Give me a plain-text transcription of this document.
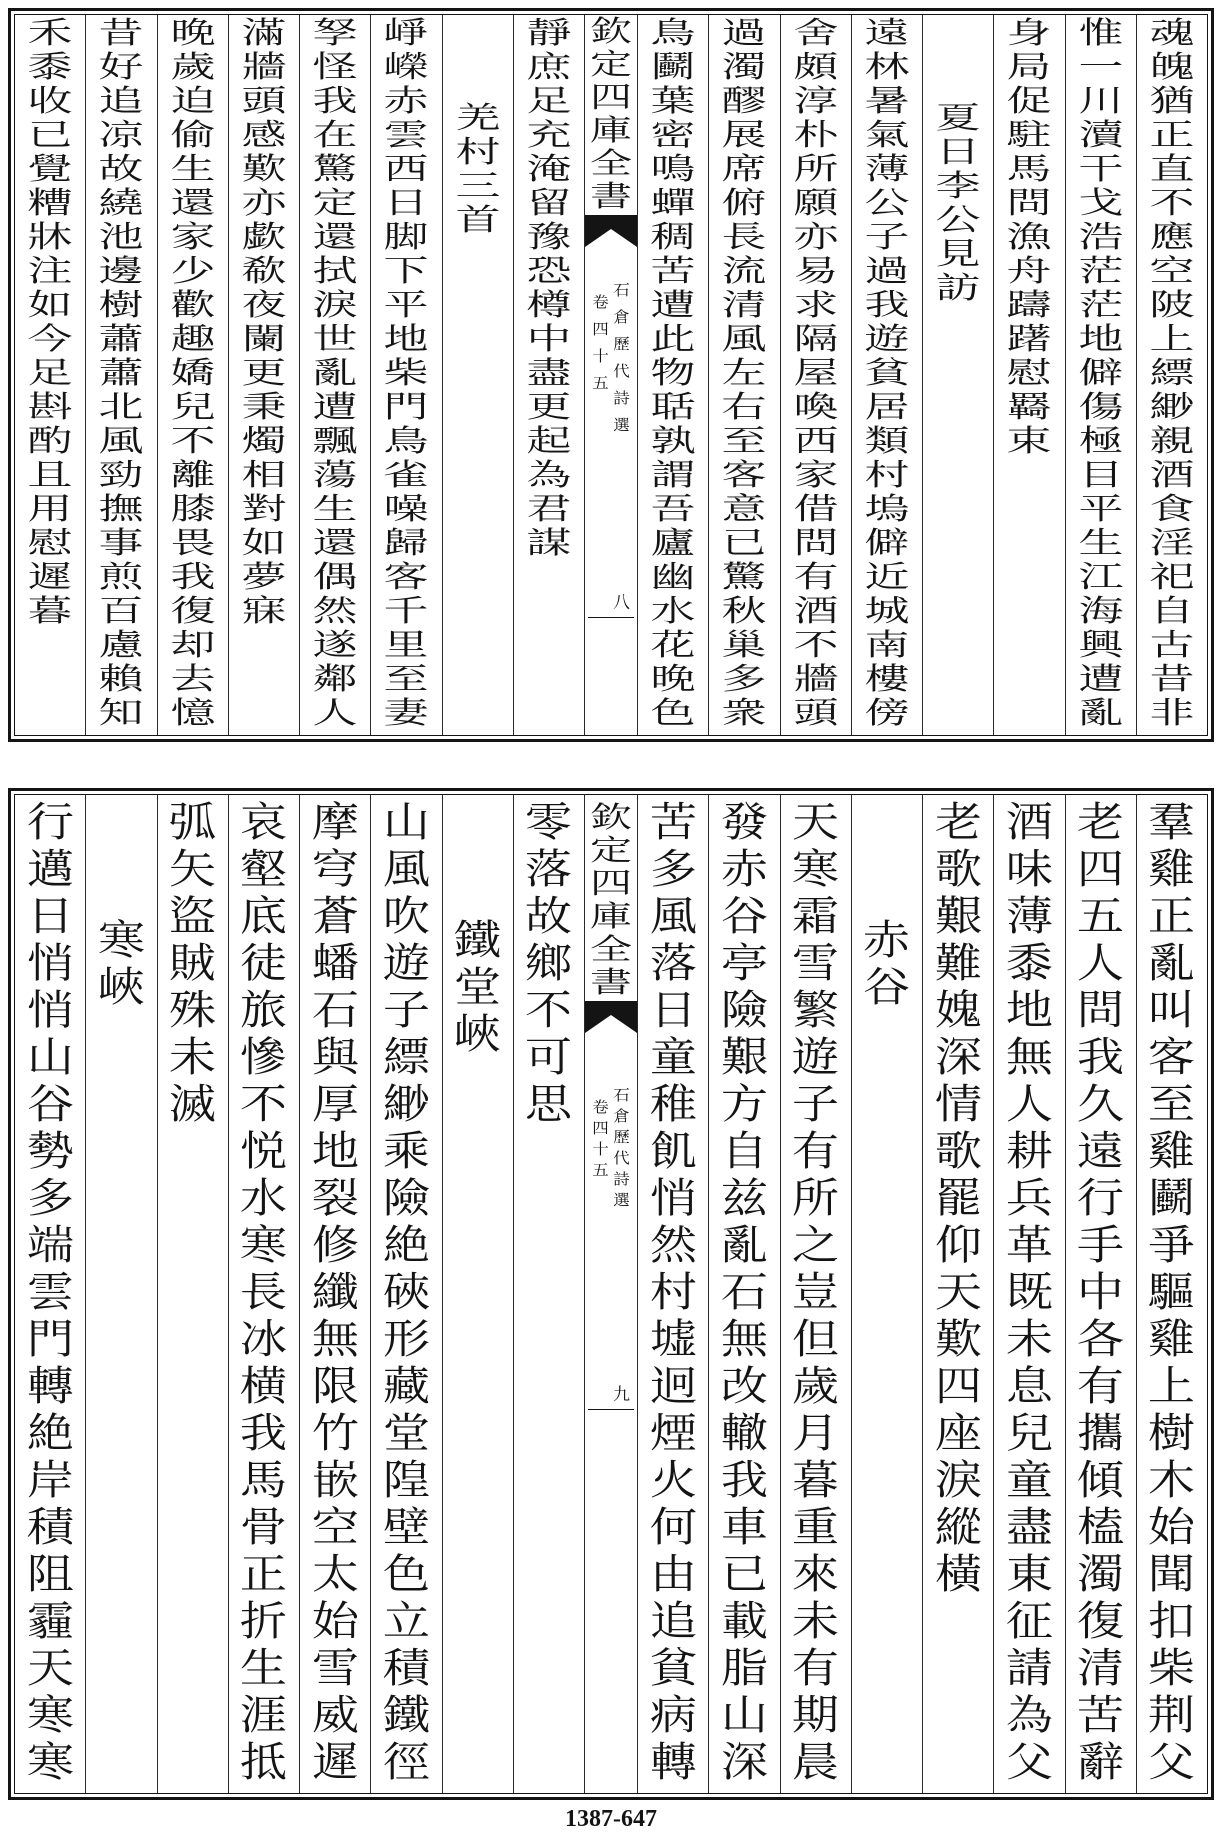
魂
魄
猶
正
直
不
應
空
陂
上
縹
緲
親
酒
食
淫
祀
自
古
昔
非
惟
一
川
瀆
干
戈
浩
茫
茫
地
僻
傷
極
目
平
生
江
海
興
遭
亂
身
局
促
駐
馬
問
漁
舟
躊
躇
慰
羇
束
夏
日
李
公
見
訪
遠
林
暑
氣
薄
公
子
過
我
遊
貧
居
類
村
塢
僻
近
城
南
樓
傍
舍
頗
淳
朴
所
願
亦
易
求
隔
屋
喚
西
家
借
問
有
酒
不
牆
頭
過
濁
醪
展
席
俯
長
流
清
風
左
右
至
客
意
已
驚
秋
巢
多
衆
鳥
鬬
葉
密
鳴
蟬
稠
苦
遭
此
物
聒
孰
謂
吾
廬
幽
水
花
晚
色
欽
定
四
庫
全
書
石
倉
歷
代
詩
選
卷
四
十
五
八
靜
庶
足
充
淹
留
豫
恐
樽
中
盡
更
起
為
君
謀
羌
村
三
首
崢
嶸
赤
雲
西
日
脚
下
平
地
柴
門
鳥
雀
噪
歸
客
千
里
至
妻
孥
怪
我
在
驚
定
還
拭
淚
世
亂
遭
飄
蕩
生
還
偶
然
遂
鄰
人
滿
牆
頭
感
歎
亦
歔
欷
夜
闌
更
秉
燭
相
對
如
夢
寐
晚
歲
迫
偷
生
還
家
少
歡
趣
嬌
兒
不
離
膝
畏
我
復
却
去
憶
昔
好
追
凉
故
繞
池
邊
樹
蕭
蕭
北
風
勁
撫
事
煎
百
慮
賴
知
禾
黍
收
已
覺
糟
牀
注
如
今
足
斟
酌
且
用
慰
遲
暮
羣
雞
正
亂
叫
客
至
雞
鬬
爭
驅
雞
上
樹
木
始
聞
扣
柴
荆
父
老
四
五
人
問
我
久
遠
行
手
中
各
有
攜
傾
榼
濁
復
清
苦
辭
酒
味
薄
黍
地
無
人
耕
兵
革
既
未
息
兒
童
盡
東
征
請
為
父
老
歌
艱
難
媿
深
情
歌
罷
仰
天
歎
四
座
淚
縱
橫
赤
谷
天
寒
霜
雪
繁
遊
子
有
所
之
豈
但
歲
月
暮
重
來
未
有
期
晨
發
赤
谷
亭
險
艱
方
自
兹
亂
石
無
改
轍
我
車
已
載
脂
山
深
苦
多
風
落
日
童
稚
飢
悄
然
村
墟
迥
煙
火
何
由
追
貧
病
轉
欽
定
四
庫
全
書
石
倉
歷
代
詩
選
卷
四
十
五
九
零
落
故
鄉
不
可
思
鐵
堂
峽
山
風
吹
遊
子
縹
緲
乘
險
絶
硤
形
藏
堂
隍
壁
色
立
積
鐵
徑
摩
穹
蒼
蟠
石
與
厚
地
裂
修
纖
無
限
竹
嵌
空
太
始
雪
威
遲
哀
壑
底
徒
旅
慘
不
悦
水
寒
長
冰
横
我
馬
骨
正
折
生
涯
抵
弧
矢
盜
賊
殊
未
滅
寒
峽
行
邁
日
悄
悄
山
谷
勢
多
端
雲
門
轉
絶
岸
積
阻
霾
天
寒
寒
1387-647
